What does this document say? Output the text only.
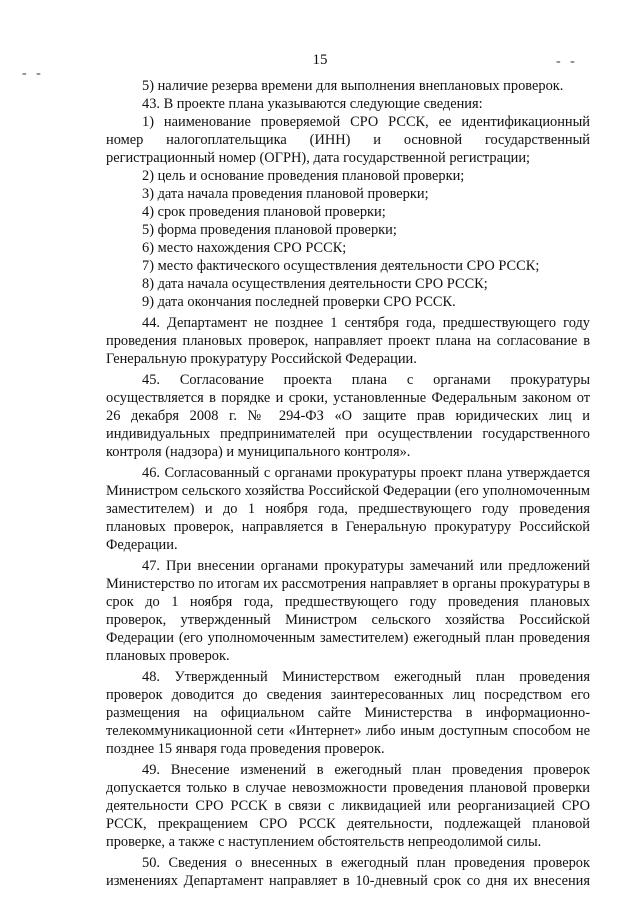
15
- -
- -

5) наличие резерва времени для выполнения внеплановых проверок.

43. В проекте плана указываются следующие сведения:

1) наименование проверяемой СРО РССК, ее идентификационный номер налогоплательщика (ИНН) и основной государственный регистрационный номер (ОГРН), дата государственной регистрации;

2) цель и основание проведения плановой проверки;

3) дата начала проведения плановой проверки;

4) срок проведения плановой проверки;

5) форма проведения плановой проверки;

6) место нахождения СРО РССК;

7) место фактического осуществления деятельности СРО РССК;

8) дата начала осуществления деятельности СРО РССК;

9) дата окончания последней проверки СРО РССК.

44. Департамент не позднее 1 сентября года, предшествующего году проведения плановых проверок, направляет проект плана на согласование в Генеральную прокуратуру Российской Федерации.

45. Согласование проекта плана с органами прокуратуры осуществляется в порядке и сроки, установленные Федеральным законом от 26 декабря 2008 г. № 294-ФЗ «О защите прав юридических лиц и индивидуальных предпринимателей при осуществлении государственного контроля (надзора) и муниципального контроля».

46. Согласованный с органами прокуратуры проект плана утверждается Министром сельского хозяйства Российской Федерации (его уполномоченным заместителем) и до 1 ноября года, предшествующего году проведения плановых проверок, направляется в Генеральную прокуратуру Российской Федерации.

47. При внесении органами прокуратуры замечаний или предложений Министерство по итогам их рассмотрения направляет в органы прокуратуры в срок до 1 ноября года, предшествующего году проведения плановых проверок, утвержденный Министром сельского хозяйства Российской Федерации (его уполномоченным заместителем) ежегодный план проведения плановых проверок.

48. Утвержденный Министерством ежегодный план проведения проверок доводится до сведения заинтересованных лиц посредством его размещения на официальном сайте Министерства в информационно-телекоммуникационной сети «Интернет» либо иным доступным способом не позднее 15 января года проведения проверок.

49. Внесение изменений в ежегодный план проведения проверок допускается только в случае невозможности проведения плановой проверки деятельности СРО РССК в связи с ликвидацией или реорганизацией СРО РССК, прекращением СРО РССК деятельности, подлежащей плановой проверке, а также с наступлением обстоятельств непреодолимой силы.

50. Сведения о внесенных в ежегодный план проведения проверок изменениях Департамент направляет в 10-дневный срок со дня их внесения
